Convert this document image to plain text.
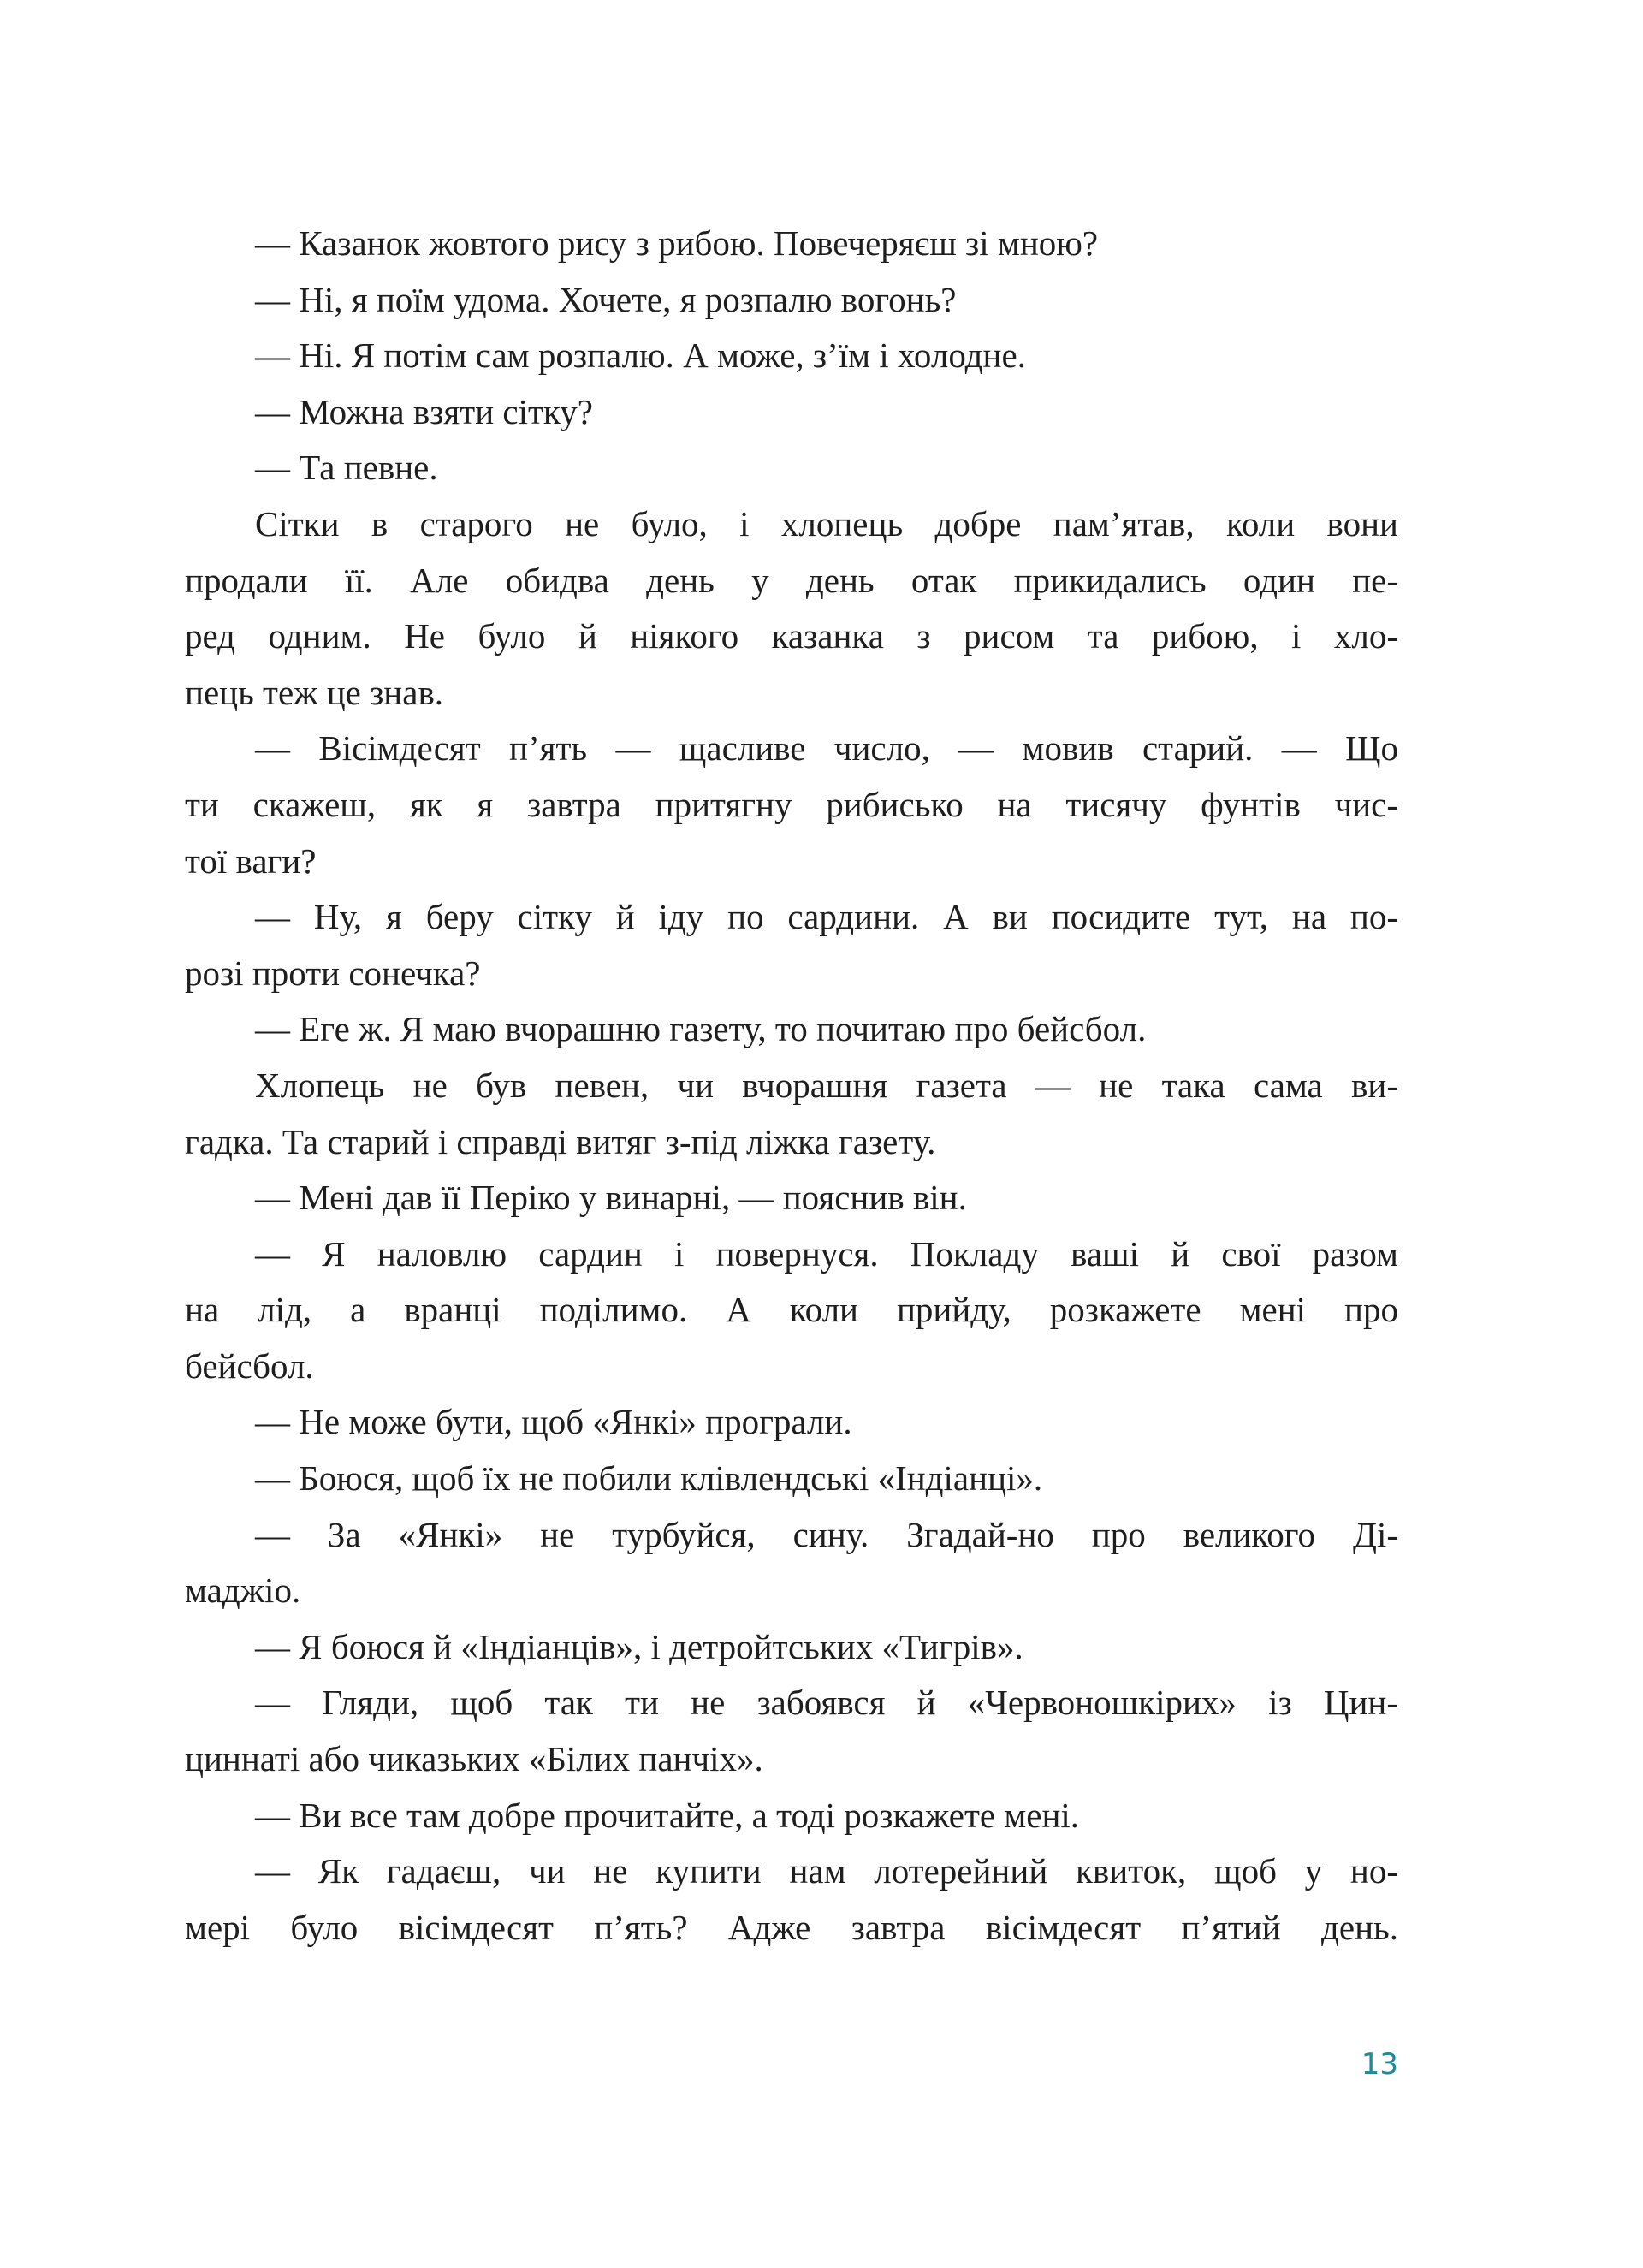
— Казанок жовтого рису з рибою. Повечеряєш зі мною?
— Ні, я поїм удома. Хочете, я розпалю вогонь?
— Ні. Я потім сам розпалю. А може, з’їм і холодне.
— Можна взяти сітку?
— Та певне.
Сітки в старого не було, і хлопець добре пам’ятав, коли вони
продали її. Але обидва день у день отак прикидались один пе-
ред одним. Не було й ніякого казанка з рисом та рибою, і хло-
пець теж це знав.
— Вісімдесят п’ять — щасливе число, — мовив старий. — Що
ти скажеш, як я завтра притягну рибисько на тисячу фунтів чис-
тої ваги?
— Ну, я беру сітку й іду по сардини. А ви посидите тут, на по-
розі проти сонечка?
— Еге ж. Я маю вчорашню газету, то почитаю про бейсбол.
Хлопець не був певен, чи вчорашня газета — не така сама ви-
гадка. Та старий і справді витяг з-під ліжка газету.
— Мені дав її Періко у винарні, — пояснив він.
— Я наловлю сардин і повернуся. Покладу ваші й свої разом
на лід, а вранці поділимо. А коли прийду, розкажете мені про
бейсбол.
— Не може бути, щоб «Янкі» програли.
— Боюся, щоб їх не побили клівлендські «Індіанці».
— За «Янкі» не турбуйся, сину. Згадай-но про великого Ді-
маджіо.
— Я боюся й «Індіанців», і детройтських «Тигрів».
— Гляди, щоб так ти не забоявся й «Червоношкірих» із Цин-
циннаті або чиказьких «Білих панчіх».
— Ви все там добре прочитайте, а тоді розкажете мені.
— Як гадаєш, чи не купити нам лотерейний квиток, щоб у но-
мері було вісімдесят п’ять? Адже завтра вісімдесят п’ятий день.
13
